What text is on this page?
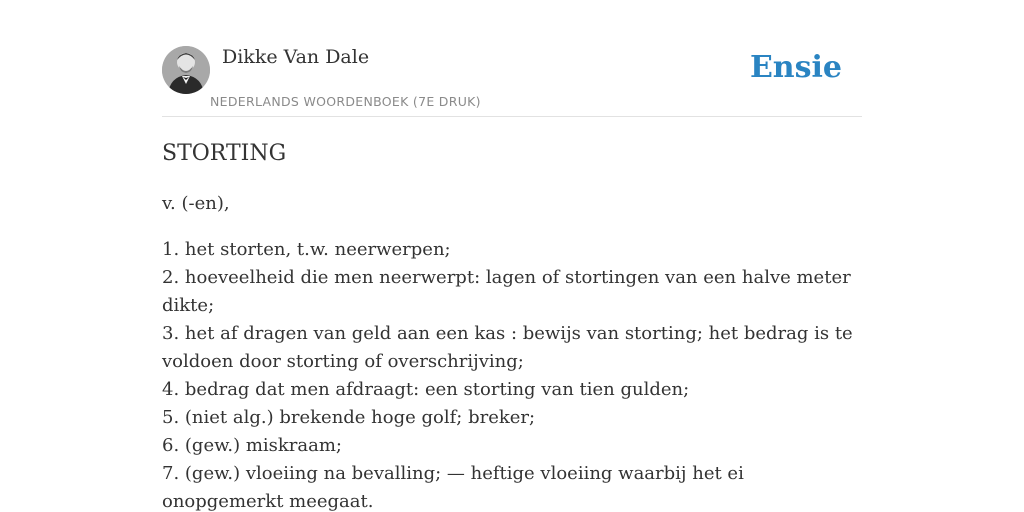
Dikke Van Dale
NEDERLANDS WOORDENBOEK (7E DRUK)
Ensie
STORTING

v. (-en),

1. het storten, t.w. neerwerpen;
2. hoeveelheid die men neerwerpt: lagen of stortingen van een halve meter dikte;
3. het af dragen van geld aan een kas : bewijs van storting; het bedrag is te voldoen door storting of overschrijving;
4. bedrag dat men afdraagt: een storting van tien gulden;
5. (niet alg.) brekende hoge golf; breker;
6. (gew.) miskraam;
7. (gew.) vloeiing na bevalling; — heftige vloeiing waarbij het ei onopgemerkt meegaat.
